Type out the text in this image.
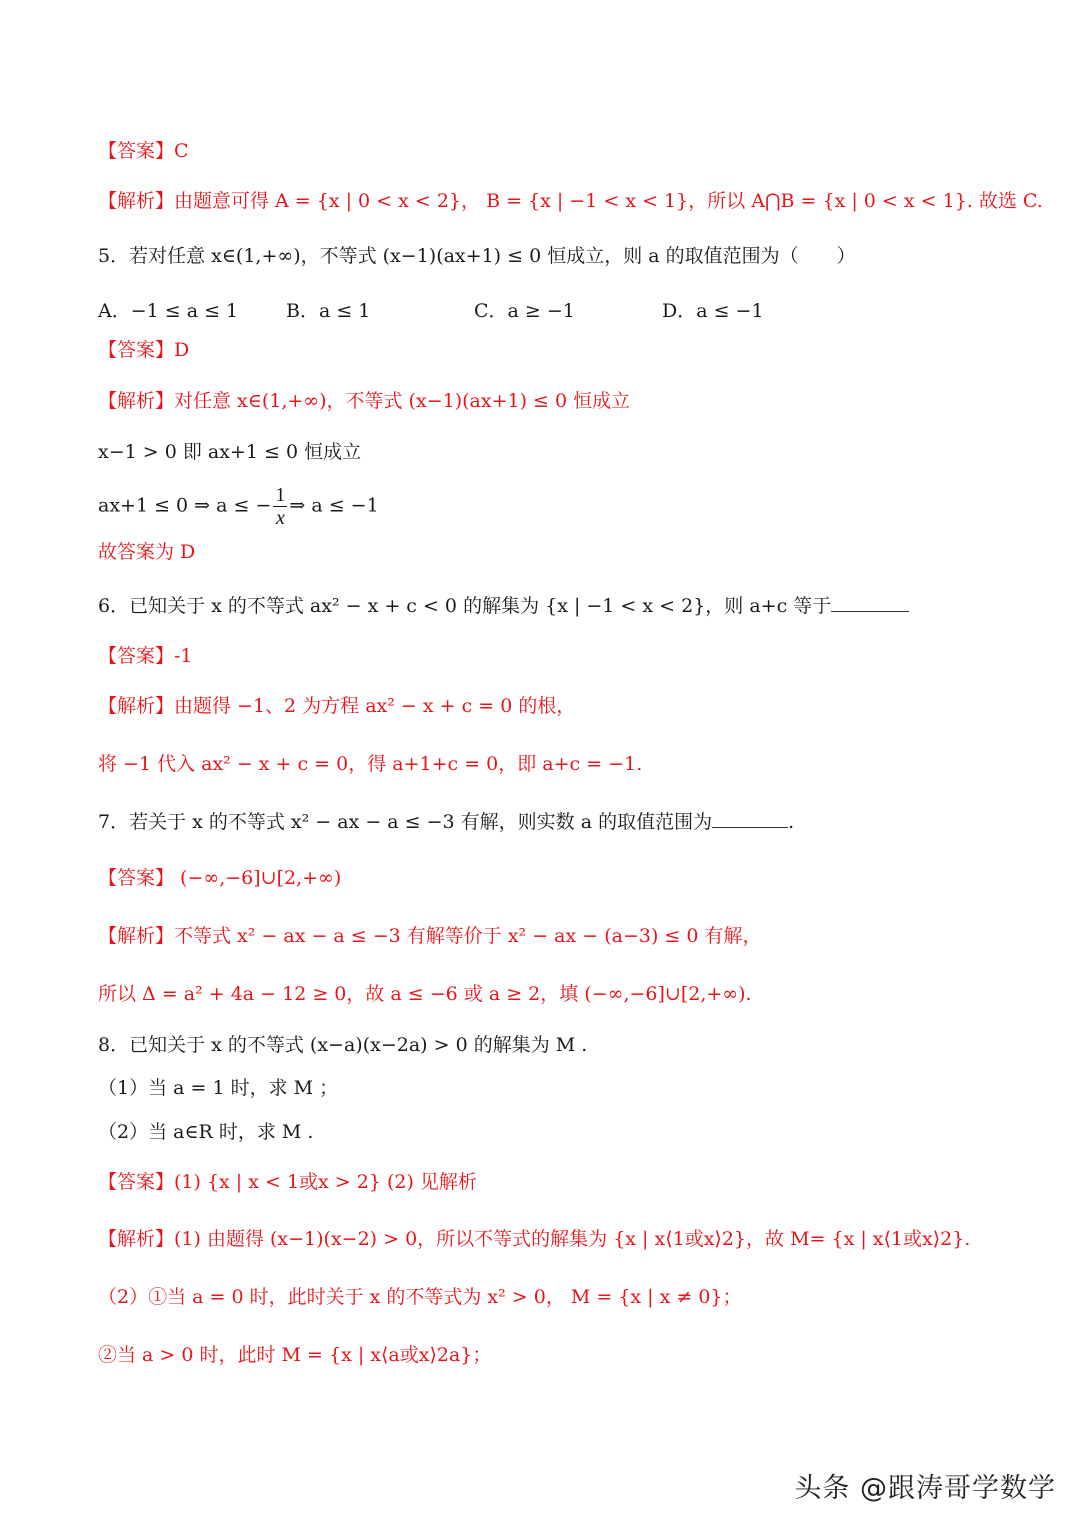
【答案】C
【解析】由题意可得 A = {x | 0 < x < 2}， B = {x | −1 < x < 1}，所以 A⋂B = {x | 0 < x < 1}. 故选 C.
5．若对任意 x∈(1,+∞)，不等式 (x−1)(ax+1) ≤ 0 恒成立，则 a 的取值范围为（　　）
A．−1 ≤ a ≤ 1	B．a ≤ 1	C．a ≥ −1	D．a ≤ −1
【答案】D
【解析】对任意 x∈(1,+∞)，不等式 (x−1)(ax+1) ≤ 0 恒成立
x−1 > 0 即 ax+1 ≤ 0 恒成立
ax+1 ≤ 0 ⇒ a ≤ − $\frac{1}{x}$ ⇒ a ≤ −1
故答案为 D
6．已知关于 x 的不等式 ax² − x + c < 0 的解集为 {x | −1 < x < 2}，则 a+c 等于
【答案】-1
【解析】由题得 −1、2 为方程 ax² − x + c = 0 的根，
将 −1 代入 ax² − x + c = 0，得 a+1+c = 0，即 a+c = −1.
7．若关于 x 的不等式 x² − ax − a ≤ −3 有解，则实数 a 的取值范围为	.
【答案】 (−∞,−6]∪[2,+∞)
【解析】不等式 x² − ax − a ≤ −3 有解等价于 x² − ax − (a−3) ≤ 0 有解，
所以 Δ = a² + 4a − 12 ≥ 0，故 a ≤ −6 或 a ≥ 2，填 (−∞,−6]∪[2,+∞).
8．已知关于 x 的不等式 (x−a)(x−2a) > 0 的解集为 M .
（1）当 a = 1 时，求 M ；
（2）当 a∈R 时，求 M .
【答案】(1) {x | x < 1或x > 2} (2) 见解析
【解析】(1) 由题得 (x−1)(x−2) > 0，所以不等式的解集为 {x | x⟨1或x⟩2}，故 M= {x | x⟨1或x⟩2}.
（2）①当 a = 0 时，此时关于 x 的不等式为 x² > 0， M = {x | x ≠ 0}；
②当 a > 0 时，此时 M = {x | x⟨a或x⟩2a}；
头条 @跟涛哥学数学
